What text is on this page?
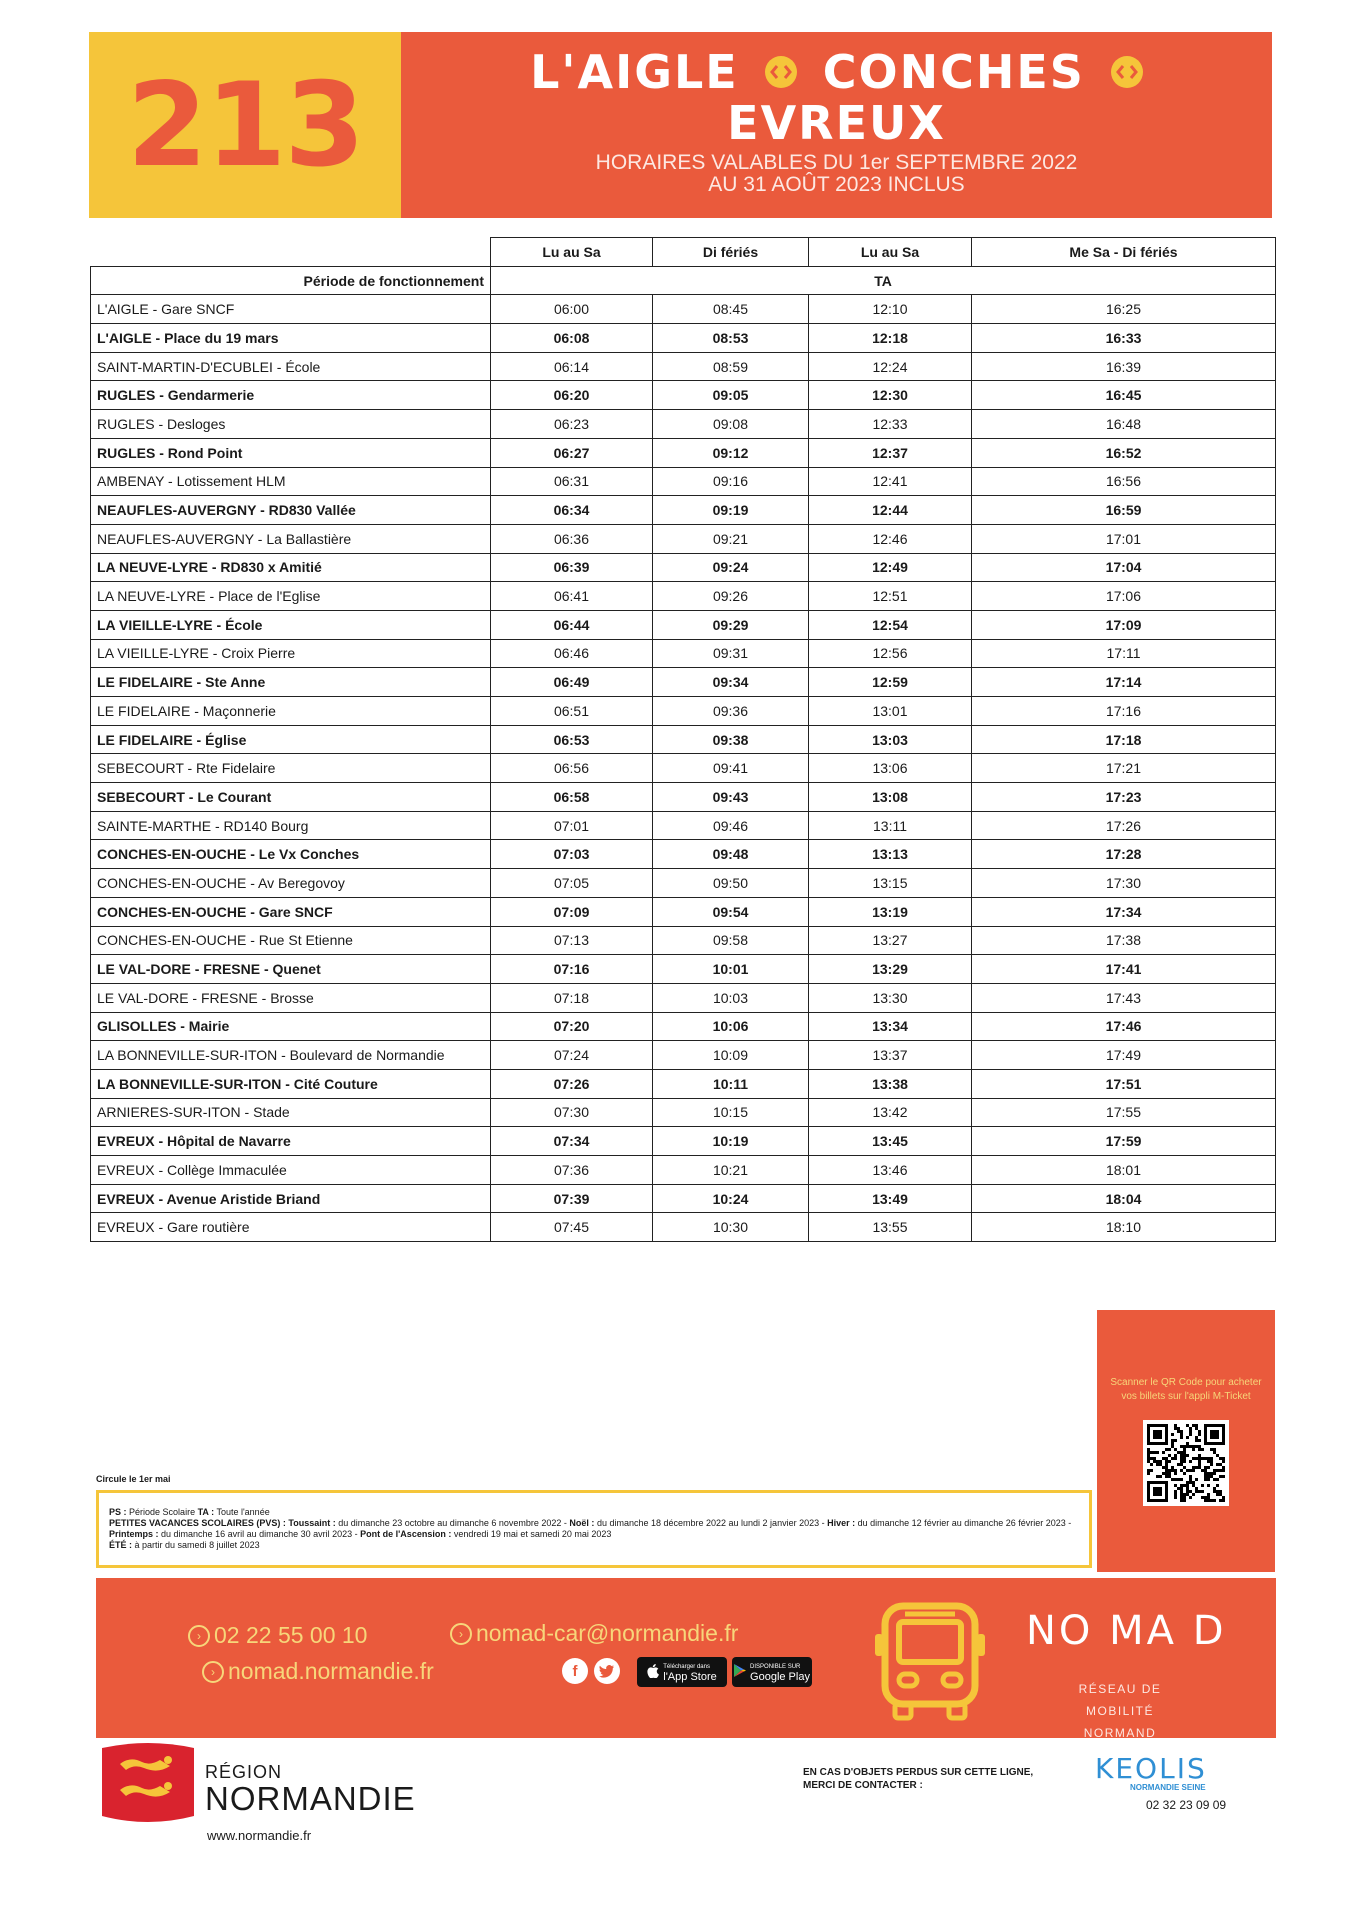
213	L'AIGLE CONCHES
EVREUX
HORAIRES VALABLES DU 1er SEPTEMBRE 2022
AU 31 AOÛT 2023 INCLUS
	Lu au Sa	Di fériés	Lu au Sa	Me Sa - Di fériés
Période de fonctionnement	TA			
L'AIGLE - Gare SNCF	06:00	08:45	12:10	16:25
L'AIGLE - Place du 19 mars	06:08	08:53	12:18	16:33
SAINT-MARTIN-D'ECUBLEI - École	06:14	08:59	12:24	16:39
RUGLES - Gendarmerie	06:20	09:05	12:30	16:45
RUGLES - Desloges	06:23	09:08	12:33	16:48
RUGLES - Rond Point	06:27	09:12	12:37	16:52
AMBENAY - Lotissement HLM	06:31	09:16	12:41	16:56
NEAUFLES-AUVERGNY - RD830 Vallée	06:34	09:19	12:44	16:59
NEAUFLES-AUVERGNY - La Ballastière	06:36	09:21	12:46	17:01
LA NEUVE-LYRE - RD830 x Amitié	06:39	09:24	12:49	17:04
LA NEUVE-LYRE - Place de l'Eglise	06:41	09:26	12:51	17:06
LA VIEILLE-LYRE - École	06:44	09:29	12:54	17:09
LA VIEILLE-LYRE - Croix Pierre	06:46	09:31	12:56	17:11
LE FIDELAIRE - Ste Anne	06:49	09:34	12:59	17:14
LE FIDELAIRE - Maçonnerie	06:51	09:36	13:01	17:16
LE FIDELAIRE - Église	06:53	09:38	13:03	17:18
SEBECOURT - Rte Fidelaire	06:56	09:41	13:06	17:21
SEBECOURT - Le Courant	06:58	09:43	13:08	17:23
SAINTE-MARTHE - RD140 Bourg	07:01	09:46	13:11	17:26
CONCHES-EN-OUCHE - Le Vx Conches	07:03	09:48	13:13	17:28
CONCHES-EN-OUCHE - Av Beregovoy	07:05	09:50	13:15	17:30
CONCHES-EN-OUCHE - Gare SNCF	07:09	09:54	13:19	17:34
CONCHES-EN-OUCHE - Rue St Etienne	07:13	09:58	13:27	17:38
LE VAL-DORE - FRESNE - Quenet	07:16	10:01	13:29	17:41
LE VAL-DORE - FRESNE - Brosse	07:18	10:03	13:30	17:43
GLISOLLES - Mairie	07:20	10:06	13:34	17:46
LA BONNEVILLE-SUR-ITON - Boulevard de Normandie	07:24	10:09	13:37	17:49
LA BONNEVILLE-SUR-ITON - Cité Couture	07:26	10:11	13:38	17:51
ARNIERES-SUR-ITON - Stade	07:30	10:15	13:42	17:55
EVREUX - Hôpital de Navarre	07:34	10:19	13:45	17:59
EVREUX - Collège Immaculée	07:36	10:21	13:46	18:01
EVREUX - Avenue Aristide Briand	07:39	10:24	13:49	18:04
EVREUX - Gare routière	07:45	10:30	13:55	18:10
Scanner le QR Code pour acheter vos billets sur l'appli M-Ticket
Circule le 1er mai
PS : Période Scolaire TA : Toute l'année
PETITES VACANCES SCOLAIRES (PVS) : Toussaint : du dimanche 23 octobre au dimanche 6 novembre 2022 - Noël : du dimanche 18 décembre 2022 au lundi 2 janvier 2023 - Hiver : du dimanche 12 février au dimanche 26 février 2023 - Printemps : du dimanche 16 avril au dimanche 30 avril 2023 - Pont de l'Ascension : vendredi 19 mai et samedi 20 mai 2023
ÉTÉ : à partir du samedi 8 juillet 2023
› 02 22 55 00 10	› nomad-car@normandie.fr
› nomad.normandie.fr	f	Télécharger dans
l'App Store
DISPONIBLE SUR
Google Play
NO MA D
RÉSEAU DE MOBILITÉ
NORMAND
RÉGION
NORMANDIE
www.normandie.fr
EN CAS D'OBJETS PERDUS SUR CETTE LIGNE,
MERCI DE CONTACTER :
KEOLIS
NORMANDIE SEINE
02 32 23 09 09
